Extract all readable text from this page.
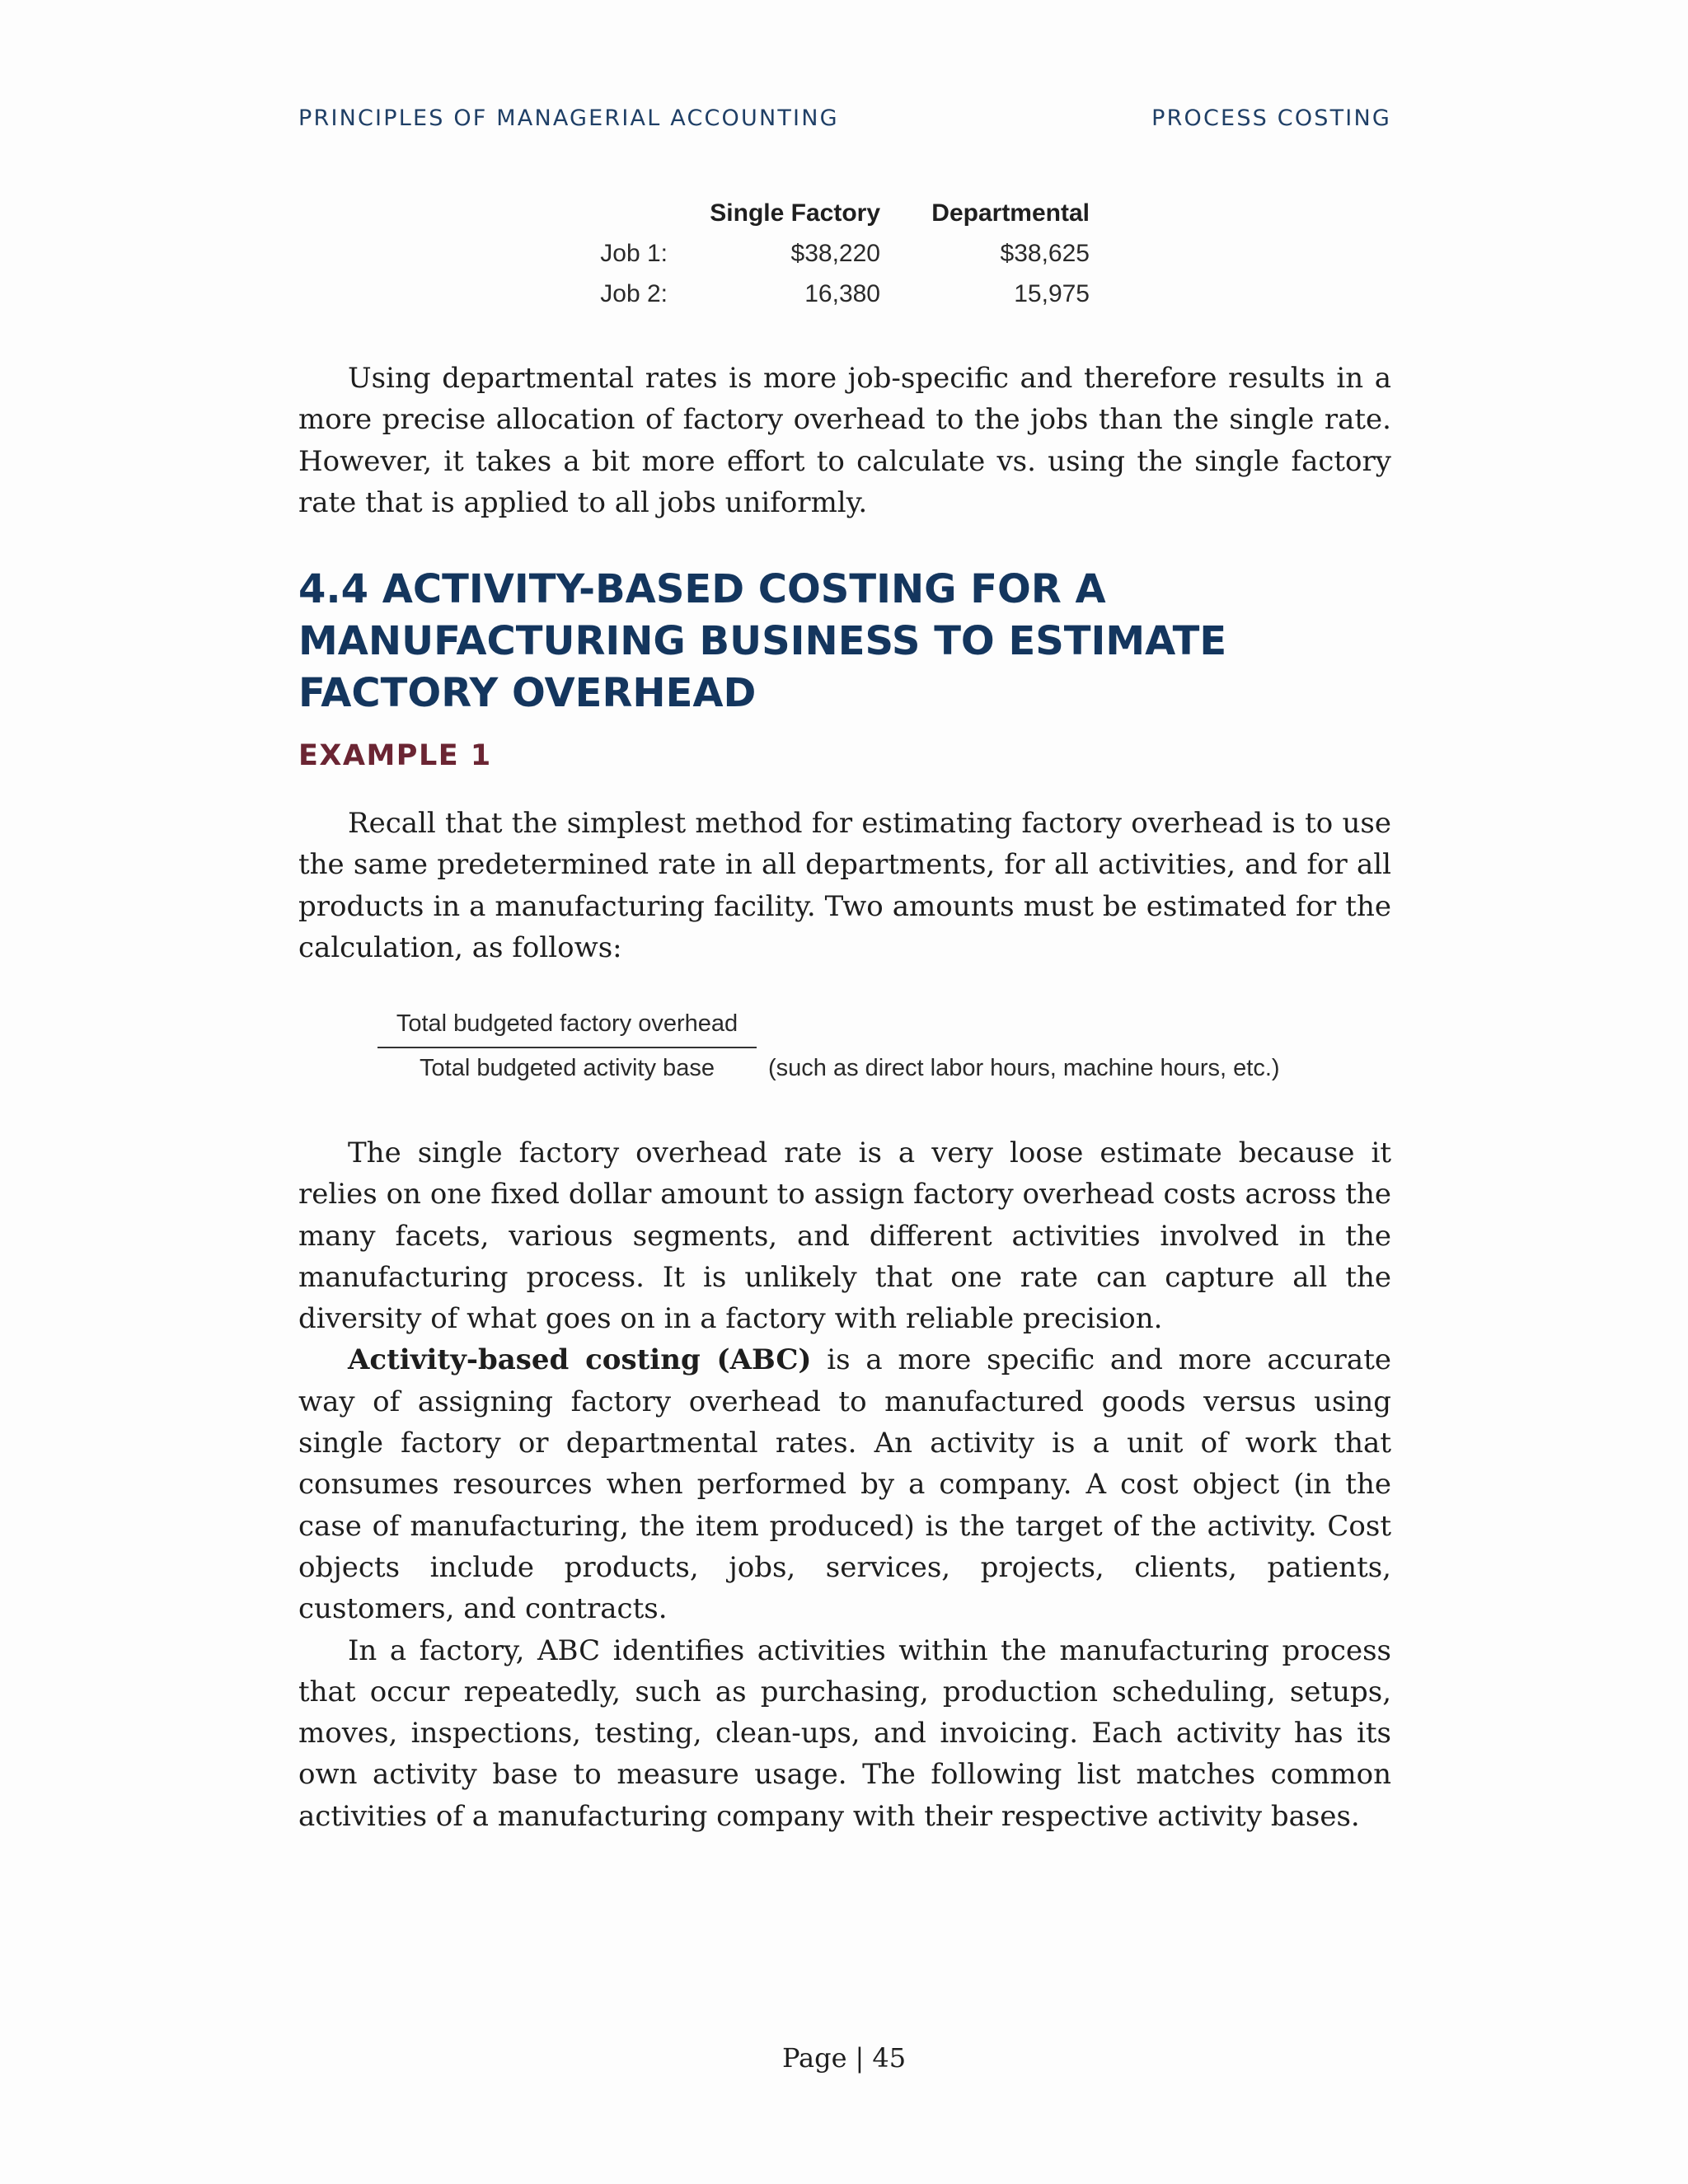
PRINCIPLES OF MANAGERIAL ACCOUNTING	PROCESS COSTING
	Single Factory	Departmental
Job 1:	$38,220	$38,625
Job 2:	16,380	15,975

Using departmental rates is more job-specific and therefore results in a more precise allocation of factory overhead to the jobs than the single rate. However, it takes a bit more effort to calculate vs. using the single factory rate that is applied to all jobs uniformly.

4.4 ACTIVITY-BASED COSTING FOR A MANUFACTURING BUSINESS TO ESTIMATE FACTORY OVERHEAD
EXAMPLE 1

Recall that the simplest method for estimating factory overhead is to use the same predetermined rate in all departments, for all activities, and for all products in a manufacturing facility. Two amounts must be estimated for the calculation, as follows:

Total budgeted factory overhead
Total budgeted activity base	(such as direct labor hours, machine hours, etc.)

The single factory overhead rate is a very loose estimate because it relies on one fixed dollar amount to assign factory overhead costs across the many facets, various segments, and different activities involved in the manufacturing process. It is unlikely that one rate can capture all the diversity of what goes on in a factory with reliable precision.

Activity-based costing (ABC) is a more specific and more accurate way of assigning factory overhead to manufactured goods versus using single factory or departmental rates. An activity is a unit of work that consumes resources when performed by a company. A cost object (in the case of manufacturing, the item produced) is the target of the activity. Cost objects include products, jobs, services, projects, clients, patients, customers, and contracts.

In a factory, ABC identifies activities within the manufacturing process that occur repeatedly, such as purchasing, production scheduling, setups, moves, inspections, testing, clean-ups, and invoicing. Each activity has its own activity base to measure usage. The following list matches common activities of a manufacturing company with their respective activity bases.

Page | 45
